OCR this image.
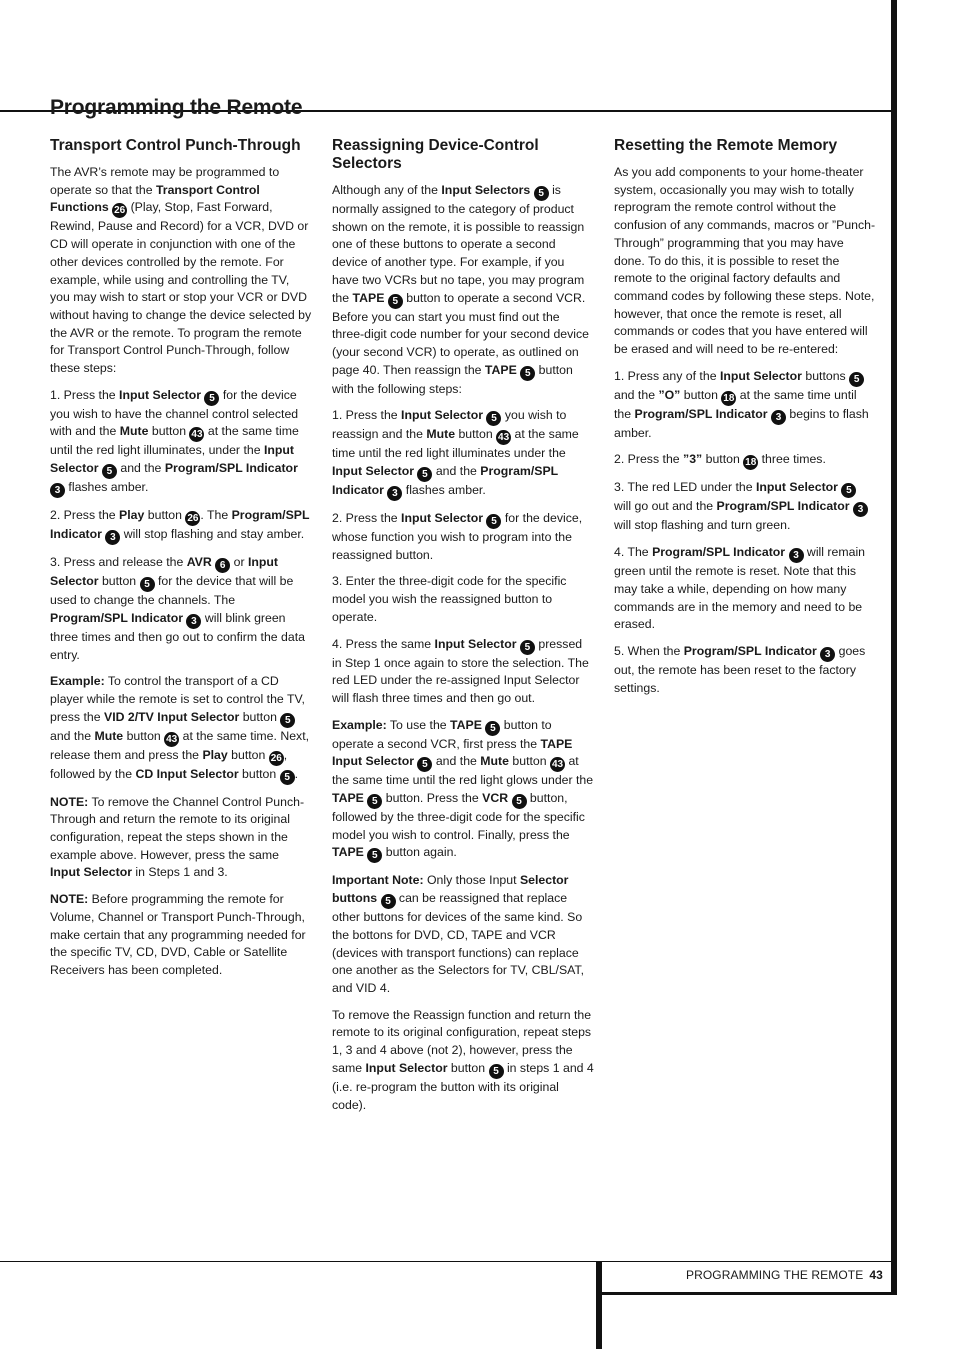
Programming the Remote
Transport Control Punch-Through

The AVR’s remote may be programmed to operate so that the Transport Control Functions 26 (Play, Stop, Fast Forward, Rewind, Pause and Record) for a VCR, DVD or CD will operate in conjunction with one of the other devices controlled by the remote. For example, while using and controlling the TV, you may wish to start or stop your VCR or DVD without having to change the device selected by the AVR or the remote. To program the remote for Transport Control Punch-Through, follow these steps:

1. Press the Input Selector 5 for the device you wish to have the channel control selected with and the Mute button 43 at the same time until the red light illuminates, under the Input Selector 5 and the Program/SPL Indicator 3 flashes amber.

2. Press the Play button 26 . The Program/SPL Indicator 3 will stop flashing and stay amber.

3. Press and release the AVR 6 or Input Selector button 5 for the device that will be used to change the channels. The Program/SPL Indicator 3 will blink green three times and then go out to confirm the data entry.

Example: To control the transport of a CD player while the remote is set to control the TV, press the VID 2/TV Input Selector button 5 and the Mute button 43 at the same time. Next, release them and press the Play button 26 , followed by the CD Input Selector button 5 .

NOTE: To remove the Channel Control Punch-Through and return the remote to its original configuration, repeat the steps shown in the example above. However, press the same Input Selector in Steps 1 and 3.

NOTE: Before programming the remote for Volume, Channel or Transport Punch-Through, make certain that any programming needed for the specific TV, CD, DVD, Cable or Satellite Receivers has been completed.

Reassigning Device-Control Selectors

Although any of the Input Selectors 5 is normally assigned to the category of product shown on the remote, it is possible to reassign one of these buttons to operate a second device of another type. For example, if you have two VCRs but no tape, you may program the TAPE 5 button to operate a second VCR. Before you can start you must find out the three-digit code number for your second device (your second VCR) to operate, as outlined on page 40. Then reassign the TAPE 5 button with the following steps:

1. Press the Input Selector 5 you wish to reassign and the Mute button 43 at the same time until the red light illuminates under the Input Selector 5 and the Program/SPL Indicator 3 flashes amber.

2. Press the Input Selector 5 for the device, whose function you wish to program into the reassigned button.

3. Enter the three-digit code for the specific model you wish the reassigned button to operate.

4. Press the same Input Selector 5 pressed in Step 1 once again to store the selection. The red LED under the re-assigned Input Selector will flash three times and then go out.

Example: To use the TAPE 5 button to operate a second VCR, first press the TAPE Input Selector 5 and the Mute button 43 at the same time until the red light glows under the TAPE 5 button. Press the VCR 5 button, followed by the three-digit code for the specific model you wish to control. Finally, press the TAPE 5 button again.

Important Note: Only those Input Selector buttons 5 can be reassigned that replace other buttons for devices of the same kind. So the bottons for DVD, CD, TAPE and VCR (devices with transport functions) can replace one another as the Selectors for TV, CBL/SAT, and VID 4.

To remove the Reassign function and return the remote to its original configuration, repeat steps 1, 3 and 4 above (not 2), however, press the same Input Selector button 5 in steps 1 and 4 (i.e. re-program the button with its original code).

Resetting the Remote Memory

As you add components to your home-theater system, occasionally you may wish to totally reprogram the remote control without the confusion of any commands, macros or ”Punch-Through” programming that you may have done. To do this, it is possible to reset the remote to the original factory defaults and command codes by following these steps. Note, however, that once the remote is reset, all commands or codes that you have entered will be erased and will need to be re-entered:

1. Press any of the Input Selector buttons 5 and the ”O” button 18 at the same time until the Program/SPL Indicator 3 begins to flash amber.

2. Press the ”3” button 18 three times.

3. The red LED under the Input Selector 5 will go out and the Program/SPL Indicator 3 will stop flashing and turn green.

4. The Program/SPL Indicator 3 will remain green until the remote is reset. Note that this may take a while, depending on how many commands are in the memory and need to be erased.

5. When the Program/SPL Indicator 3 goes out, the remote has been reset to the factory settings.

PROGRAMMING THE REMOTE 43
